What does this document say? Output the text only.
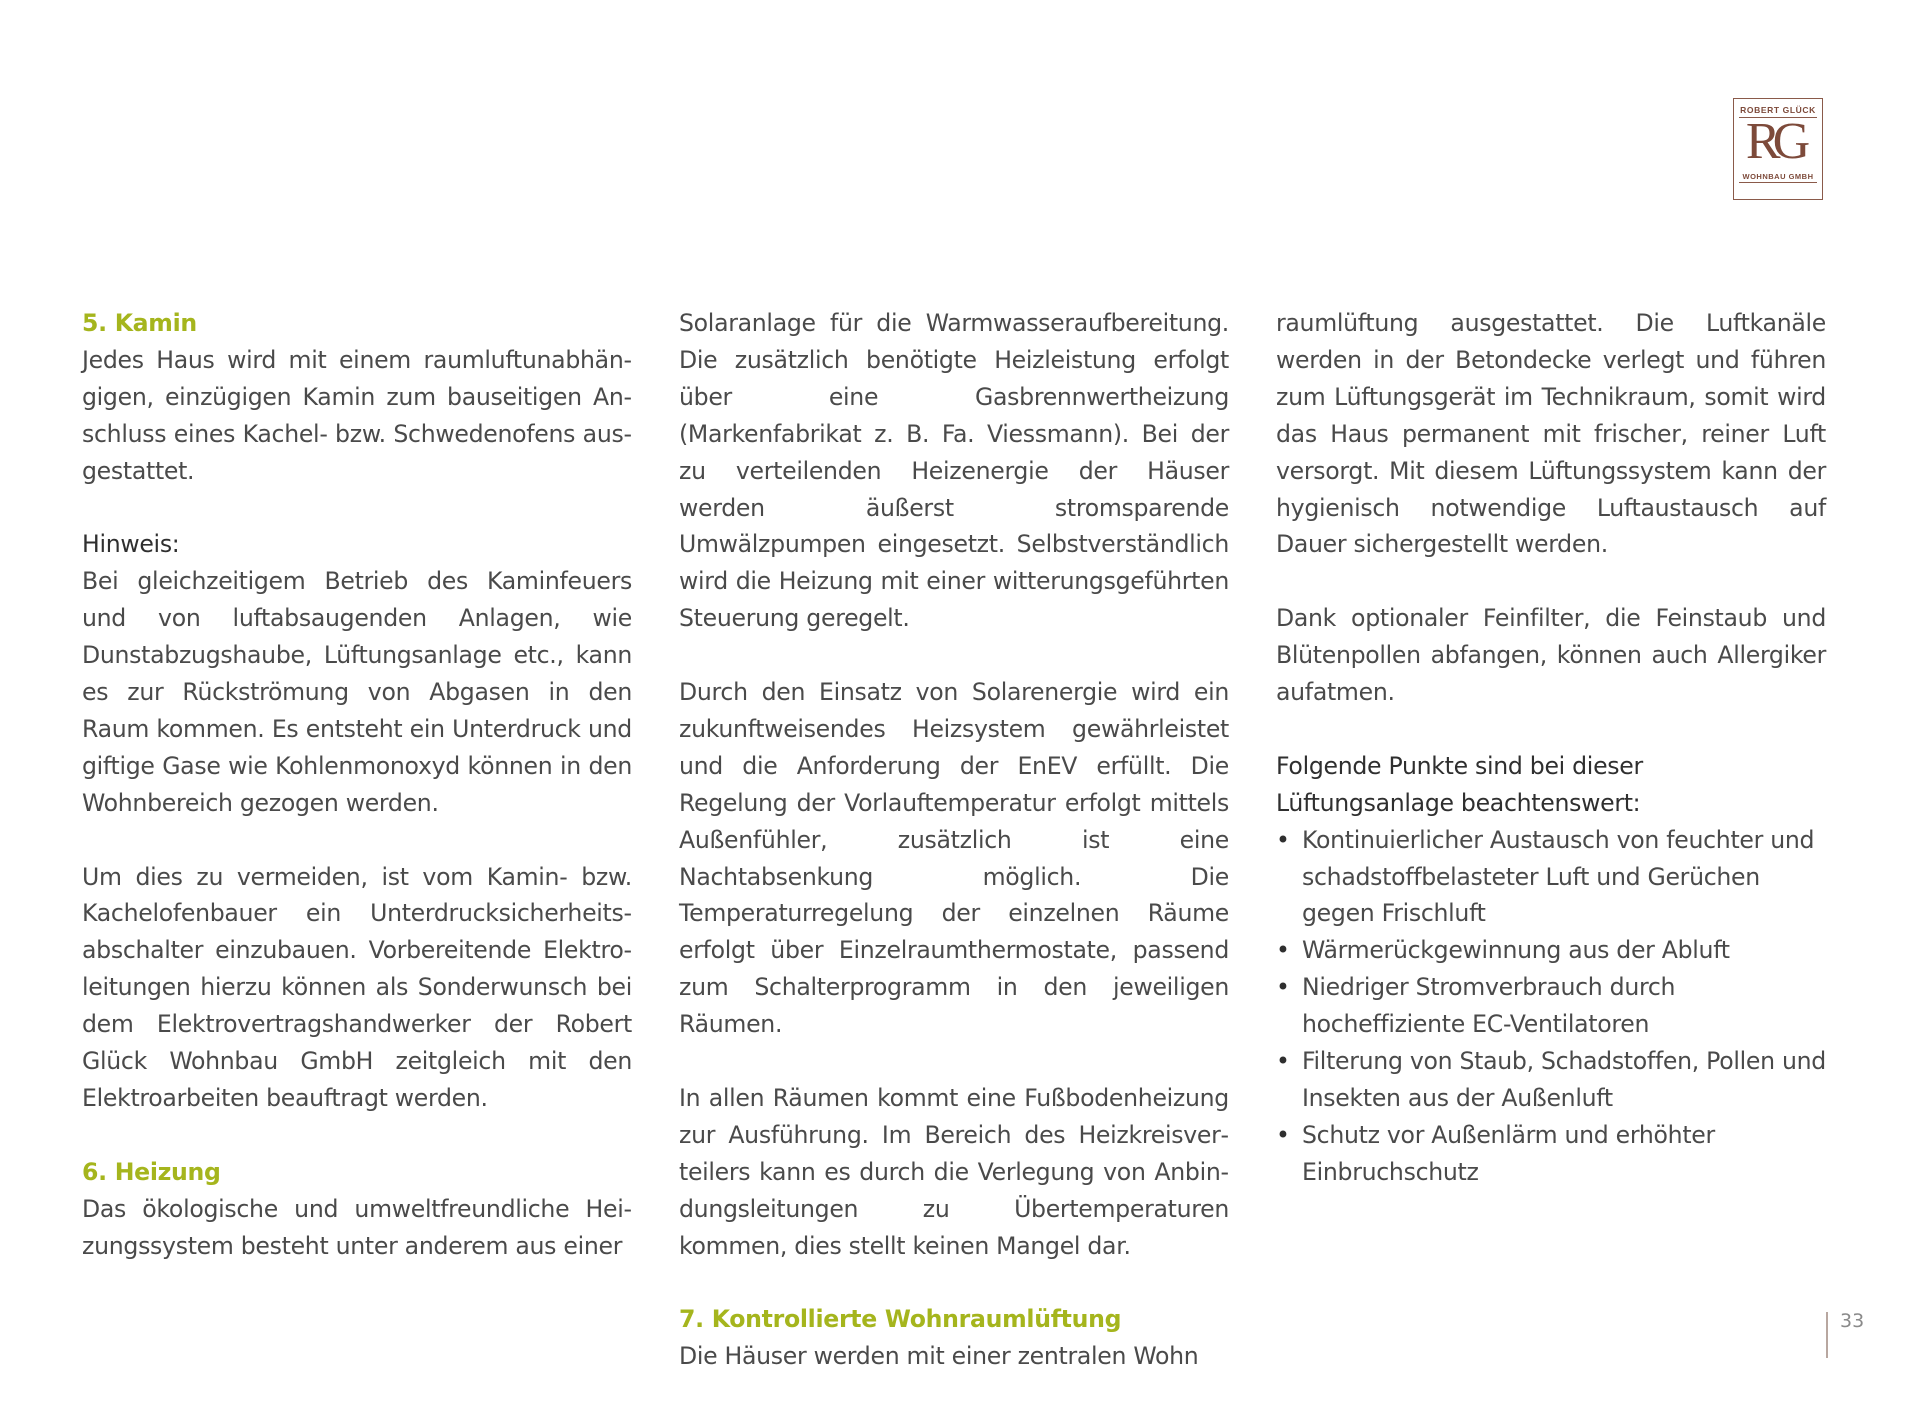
ROBERT GLÜCK
RG
WOHNBAU GMBH

5. Kamin

Jedes Haus wird mit einem raumluftunabhängigen, einzügigen Kamin zum bauseitigen Anschluss eines Kachel- bzw. Schwedenofens ausgestattet.

Hinweis:

Bei gleichzeitigem Betrieb des Kaminfeuers und von luftabsaugenden Anlagen, wie Dunstabzugshaube, Lüftungsanlage etc., kann es zur Rückströmung von Abgasen in den Raum kommen. Es entsteht ein Unterdruck und giftige Gase wie Kohlenmonoxyd können in den Wohnbereich gezogen werden.

Um dies zu vermeiden, ist vom Kamin- bzw. Kachelofenbauer ein Unterdrucksicherheitsabschalter einzubauen. Vorbereitende Elektroleitungen hierzu können als Sonderwunsch bei dem Elektrovertragshandwerker der Robert Glück Wohnbau GmbH zeitgleich mit den Elektroarbeiten beauftragt werden.

6. Heizung

Das ökologische und umweltfreundliche Heizungssystem besteht unter anderem aus einer

Solaranlage für die Warmwasseraufbereitung. Die zusätzlich benötigte Heizleistung erfolgt über eine Gasbrennwertheizung (Markenfabrikat z. B. Fa. Viessmann). Bei der zu verteilenden Heizenergie der Häuser werden äußerst stromsparende Umwälzpumpen eingesetzt. Selbstverständlich wird die Heizung mit einer witterungsgeführten Steuerung geregelt.

Durch den Einsatz von Solarenergie wird ein zukunftweisendes Heizsystem gewährleistet und die Anforderung der EnEV erfüllt. Die Regelung der Vorlauftemperatur erfolgt mittels Außenfühler, zusätzlich ist eine Nachtabsenkung möglich. Die Temperaturregelung der einzelnen Räume erfolgt über Einzelraumthermostate, passend zum Schalterprogramm in den jeweiligen Räumen.

In allen Räumen kommt eine Fußbodenheizung zur Ausführung. Im Bereich des Heizkreisverteilers kann es durch die Verlegung von Anbindungsleitungen zu Übertemperaturen kommen, dies stellt keinen Mangel dar.

7. Kontrollierte Wohnraumlüftung

Die Häuser werden mit einer zentralen Wohn

raumlüftung ausgestattet. Die Luftkanäle werden in der Betondecke verlegt und führen zum Lüftungsgerät im Technikraum, somit wird das Haus permanent mit frischer, reiner Luft versorgt. Mit diesem Lüftungssystem kann der hygienisch notwendige Luftaustausch auf Dauer sichergestellt werden.

Dank optionaler Feinfilter, die Feinstaub und Blütenpollen abfangen, können auch Allergiker aufatmen.

Folgende Punkte sind bei dieser

Lüftungsanlage beachtenswert:

• Kontinuierlicher Austausch von feuchter und schadstoffbelasteter Luft und Gerüchen gegen Frischluft
• Wärmerückgewinnung aus der Abluft
• Niedriger Stromverbrauch durch hocheffiziente EC-Ventilatoren
• Filterung von Staub, Schadstoffen, Pollen und Insekten aus der Außenluft
• Schutz vor Außenlärm und erhöhter Einbruchschutz
33
